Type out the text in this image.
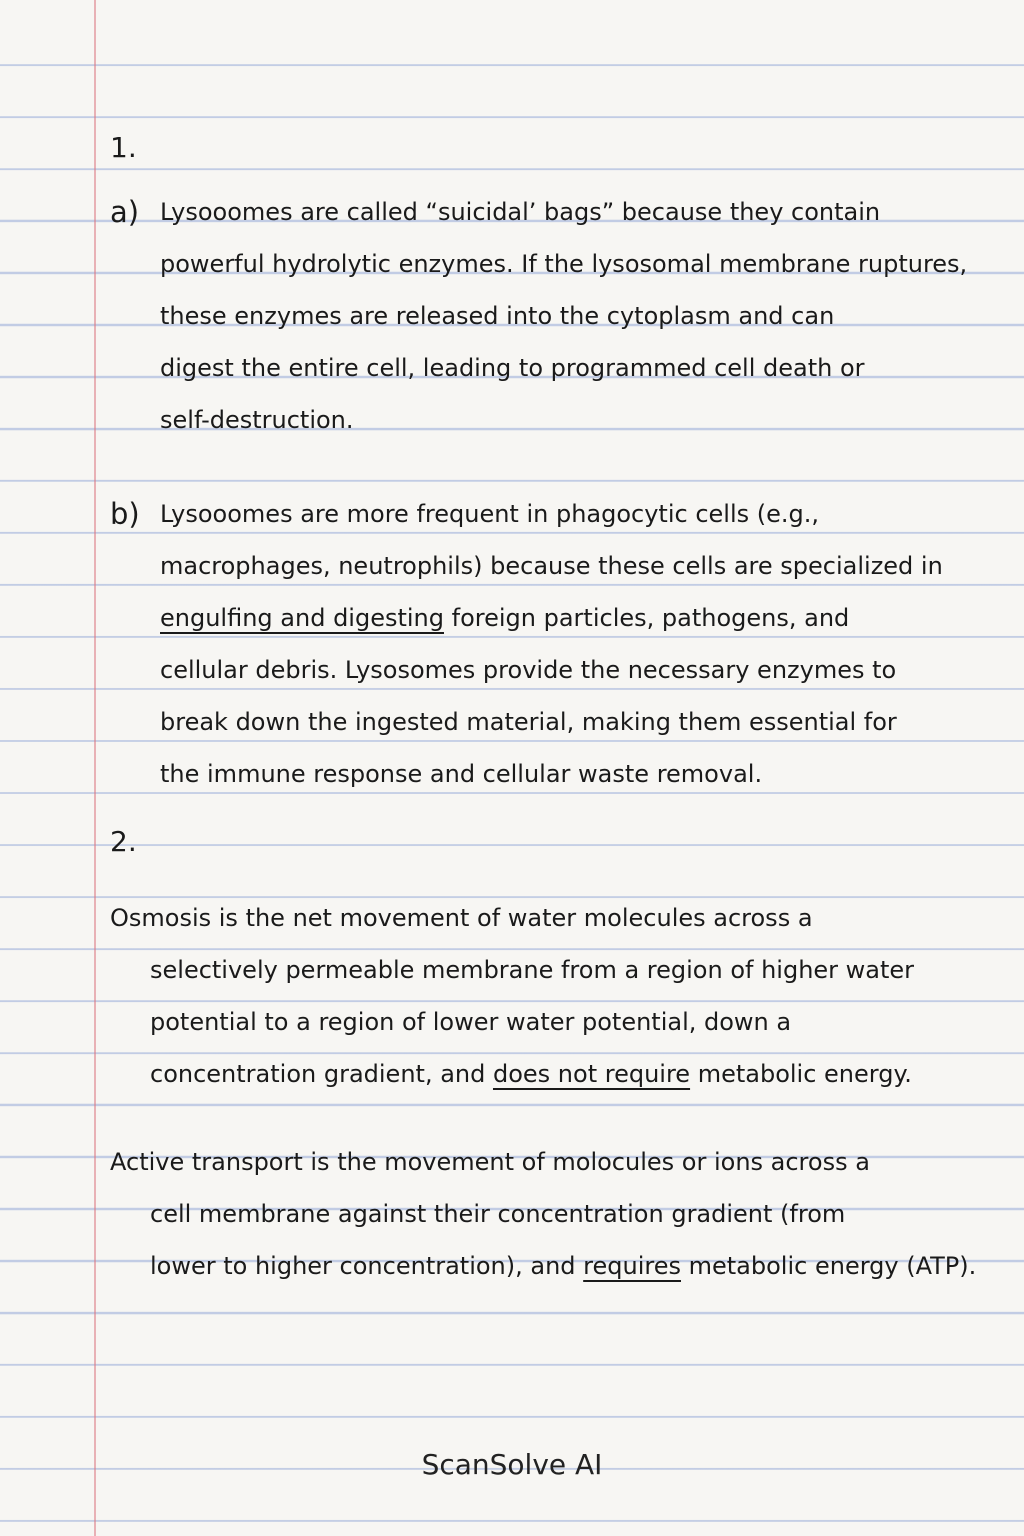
1.
a) Lysooomes are called “suicidal’ bags” because they contain
powerful hydrolytic enzymes. If the lysosomal membrane ruptures,
these enzymes are released into the cytoplasm and can
digest the entire cell, leading to programmed cell death or
self-destruction.
b) Lysooomes are more frequent in phagocytic cells (e.g.,
macrophages, neutrophils) because these cells are specialized in
engulfing and digesting foreign particles, pathogens, and
cellular debris. Lysosomes provide the necessary enzymes to
break down the ingested material, making them essential for
the immune response and cellular waste removal.
2.
Osmosis is the net movement of water molecules across a
selectively permeable membrane from a region of higher water
potential to a region of lower water potential, down a
concentration gradient, and does not require metabolic energy.
Active transport is the movement of molocules or ions across a
cell membrane against their concentration gradient (from
lower to higher concentration), and requires metabolic energy (ATP).
ScanSolve AI
